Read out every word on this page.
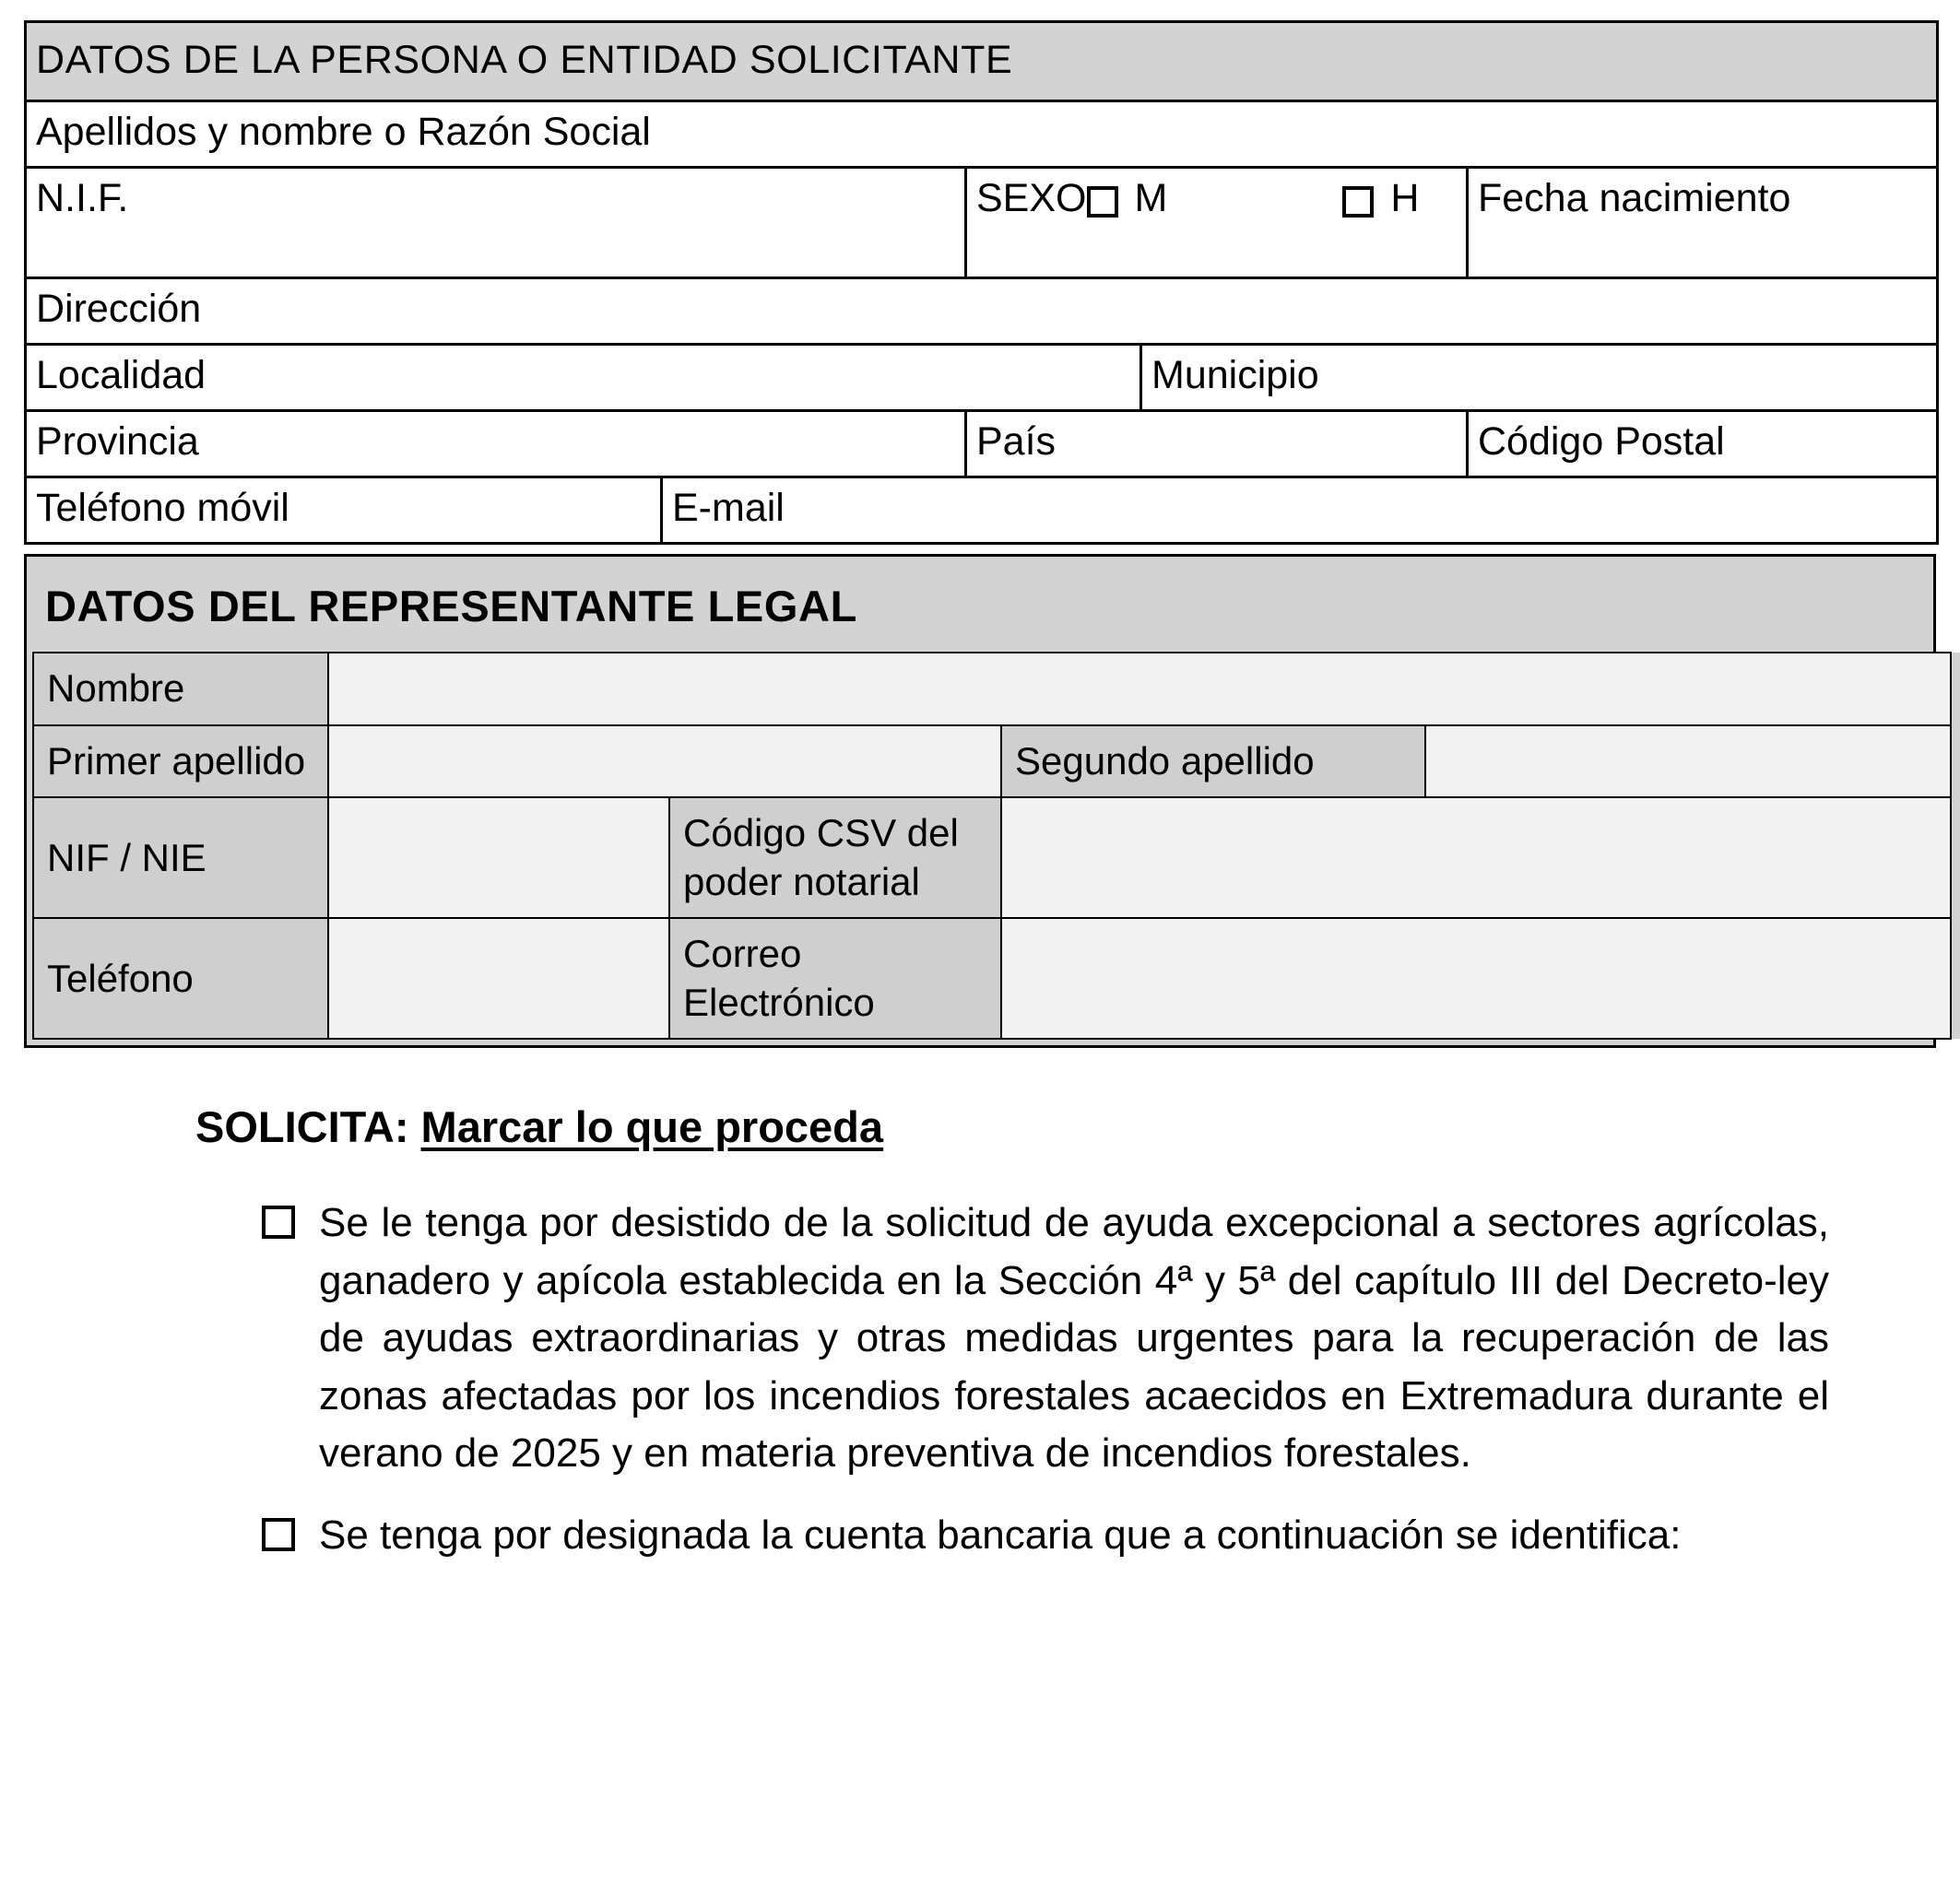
DATOS DE LA PERSONA O ENTIDAD SOLICITANTE				
Apellidos y nombre o Razón Social				
N.I.F.		SEXO M H		Fecha nacimiento
Dirección				
Localidad			Municipio	
Provincia		País		Código Postal
Teléfono móvil	E-mail			
DATOS DEL REPRESENTANTE LEGAL
Nombre					
Primer apellido			Segundo apellido		
NIF / NIE		Código CSV del poder notarial			
Teléfono		Correo Electrónico			
SOLICITA: Marcar lo que proceda

Se le tenga por desistido de la solicitud de ayuda excepcional a sectores agrícolas, ganadero y apícola establecida en la Sección 4ª y 5ª del capítulo III del Decreto-ley de ayudas extraordinarias y otras medidas urgentes para la recuperación de las zonas afectadas por los incendios forestales acaecidos en Extremadura durante el verano de 2025 y en materia preventiva de incendios forestales.

Se tenga por designada la cuenta bancaria que a continuación se identifica:
